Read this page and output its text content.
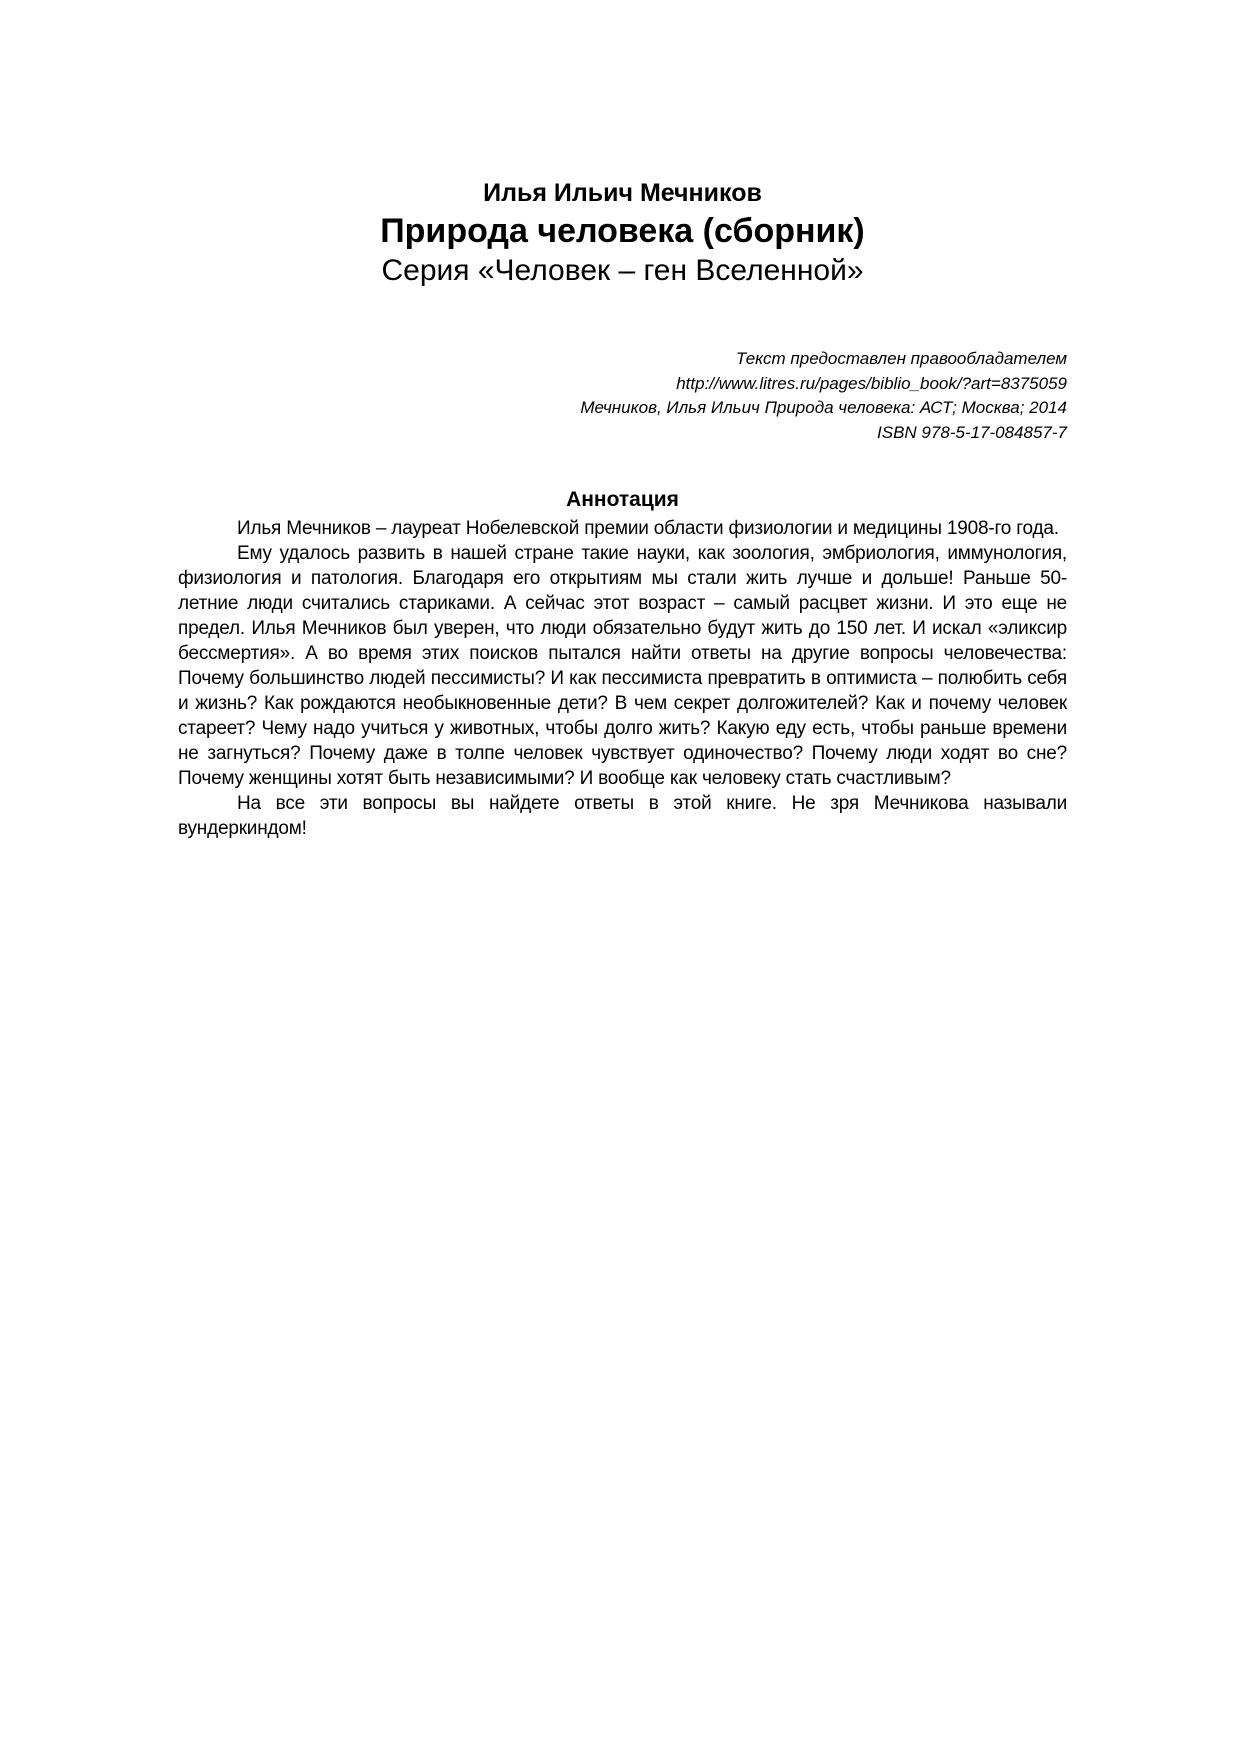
Илья Ильич Мечников
Природа человека (сборник)
Серия «Человек – ген Вселенной»
Текст предоставлен правообладателем
http://www.litres.ru/pages/biblio_book/?art=8375059
Мечников, Илья Ильич Природа человека: АСТ; Москва; 2014
ISBN 978-5-17-084857-7
Аннотация

Илья Мечников – лауреат Нобелевской премии области физиологии и медицины 1908-го года.

Ему удалось развить в нашей стране такие науки, как зоология, эмбриология, иммунология, физиология и патология. Благодаря его открытиям мы стали жить лучше и дольше! Раньше 50-летние люди считались стариками. А сейчас этот возраст – самый расцвет жизни. И это еще не предел. Илья Мечников был уверен, что люди обязательно будут жить до 150 лет. И искал «эликсир бессмертия». А во время этих поисков пытался найти ответы на другие вопросы человечества: Почему большинство людей пессимисты? И как пессимиста превратить в оптимиста – полюбить себя и жизнь? Как рождаются необыкновенные дети? В чем секрет долгожителей? Как и почему человек стареет? Чему надо учиться у животных, чтобы долго жить? Какую еду есть, чтобы раньше времени не загнуться? Почему даже в толпе человек чувствует одиночество? Почему люди ходят во сне? Почему женщины хотят быть независимыми? И вообще как человеку стать счастливым?

На все эти вопросы вы найдете ответы в этой книге. Не зря Мечникова называли вундеркиндом!
